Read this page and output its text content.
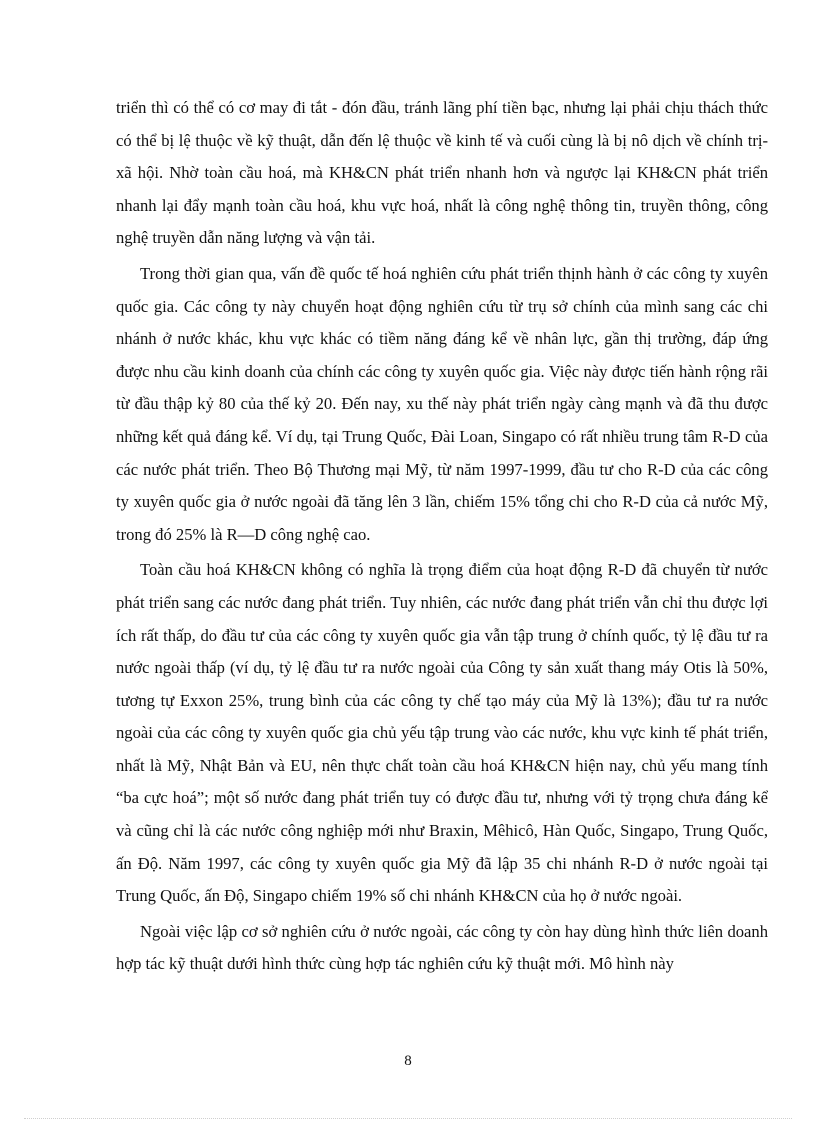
triển thì có thể có cơ may đi tắt - đón đầu, tránh lãng phí tiền bạc, nhưng lại phải chịu thách thức có thể bị lệ thuộc về kỹ thuật, dẫn đến lệ thuộc về kinh tế và cuối cùng là bị nô dịch về chính trị-xã hội. Nhờ toàn cầu hoá, mà KH&CN phát triển nhanh hơn và ngược lại KH&CN phát triển nhanh lại đẩy mạnh toàn cầu hoá, khu vực hoá, nhất là công nghệ thông tin, truyền thông, công nghệ truyền dẫn năng lượng và vận tải.

Trong thời gian qua, vấn đề quốc tế hoá nghiên cứu phát triển thịnh hành ở các công ty xuyên quốc gia. Các công ty này chuyển hoạt động nghiên cứu từ trụ sở chính của mình sang các chi nhánh ở nước khác, khu vực khác có tiềm năng đáng kể về nhân lực, gần thị trường, đáp ứng được nhu cầu kinh doanh của chính các công ty xuyên quốc gia. Việc này được tiến hành rộng rãi từ đầu thập kỷ 80 của thế kỷ 20. Đến nay, xu thế này phát triển ngày càng mạnh và đã thu được những kết quả đáng kể. Ví dụ, tại Trung Quốc, Đài Loan, Singapo có rất nhiều trung tâm R-D của các nước phát triển. Theo Bộ Thương mại Mỹ, từ năm 1997-1999, đầu tư cho R-D của các công ty xuyên quốc gia ở nước ngoài đã tăng lên 3 lần, chiếm 15% tổng chi cho R-D của cả nước Mỹ, trong đó 25% là R—D công nghệ cao.

Toàn cầu hoá KH&CN không có nghĩa là trọng điểm của hoạt động R-D đã chuyển từ nước phát triển sang các nước đang phát triển. Tuy nhiên, các nước đang phát triển vẫn chỉ thu được lợi ích rất thấp, do đầu tư của các công ty xuyên quốc gia vẫn tập trung ở chính quốc, tỷ lệ đầu tư ra nước ngoài thấp (ví dụ, tỷ lệ đầu tư ra nước ngoài của Công ty sản xuất thang máy Otis là 50%, tương tự Exxon 25%, trung bình của các công ty chế tạo máy của Mỹ là 13%); đầu tư ra nước ngoài của các công ty xuyên quốc gia chủ yếu tập trung vào các nước, khu vực kinh tế phát triển, nhất là Mỹ, Nhật Bản và EU, nên thực chất toàn cầu hoá KH&CN hiện nay, chủ yếu mang tính “ba cực hoá”; một số nước đang phát triển tuy có được đầu tư, nhưng với tỷ trọng chưa đáng kể và cũng chỉ là các nước công nghiệp mới như Braxin, Mêhicô, Hàn Quốc, Singapo, Trung Quốc, ấn Độ. Năm 1997, các công ty xuyên quốc gia Mỹ đã lập 35 chi nhánh R-D ở nước ngoài tại Trung Quốc, ấn Độ, Singapo chiếm 19% số chi nhánh KH&CN của họ ở nước ngoài.

Ngoài việc lập cơ sở nghiên cứu ở nước ngoài, các công ty còn hay dùng hình thức liên doanh hợp tác kỹ thuật dưới hình thức cùng hợp tác nghiên cứu kỹ thuật mới. Mô hình này

8
